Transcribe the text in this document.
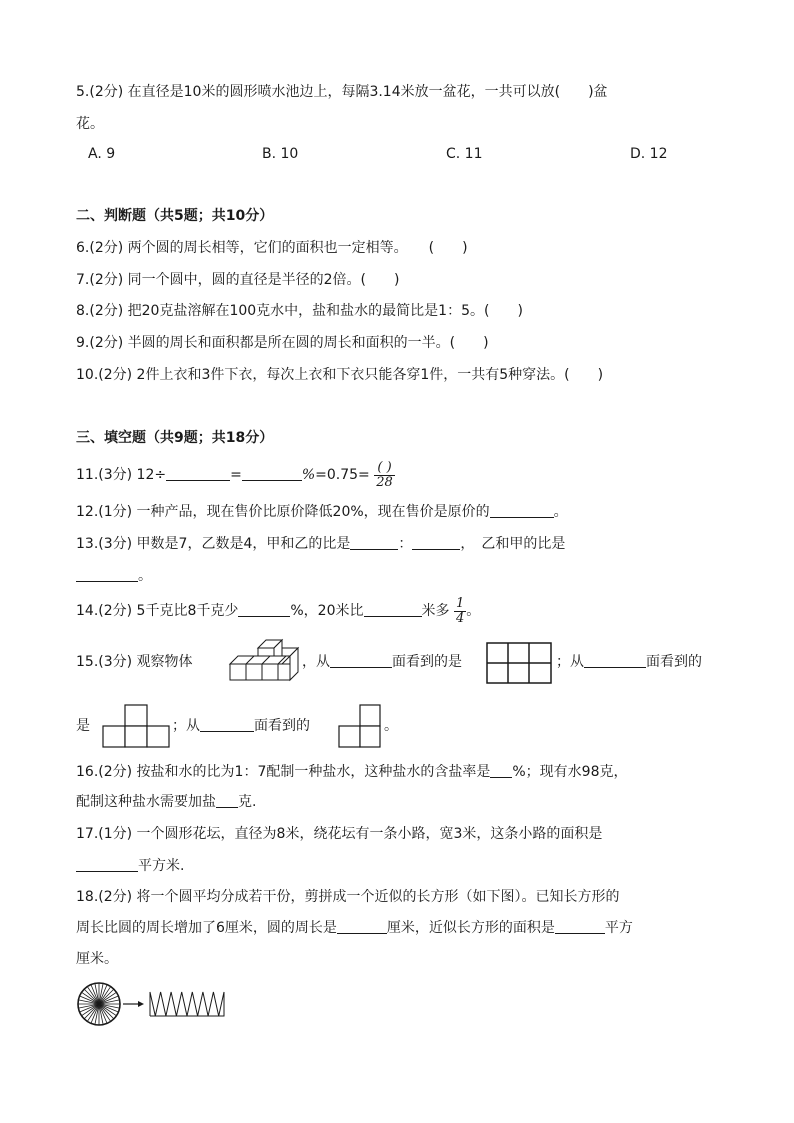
5.(2分) 在直径是10米的圆形喷水池边上，每隔3.14米放一盆花，一共可以放(　　)盆
花。
A. 9	B. 10	C. 11	D. 12
二、判断题（共5题；共10分）
6.(2分) 两个圆的周长相等，它们的面积也一定相等。　　(　　)
7.(2分) 同一个圆中，圆的直径是半径的2倍。(　　)
8.(2分) 把20克盐溶解在100克水中，盐和盐水的最简比是1：5。(　　)
9.(2分) 半圆的周长和面积都是所在圆的周长和面积的一半。(　　)
10.(2分) 2件上衣和3件下衣，每次上衣和下衣只能各穿1件，一共有5种穿法。(　　)
三、填空题（共9题；共18分）
11.(3分) 12÷	=	$\%=0.75= \frac{( )}{28}$
12.(1分) 一种产品，现在售价比原价降低20%，现在售价是原价的	。
13.(3分) 甲数是7，乙数是4，甲和乙的比是	：	，　乙和甲的比是
。
14.(2分) 5千克比8千克少	%，20米比	米多 $\frac{1}{4}$ 。
15.(3分) 观察物体	，从	面看到的是	；从	面看到的
是	；从	面看到的	。
16.(2分) 按盐和水的比为1：7配制一种盐水，这种盐水的含盐率是 %；现有水98克，
配制这种盐水需要加盐 克.
17.(1分) 一个圆形花坛，直径为8米，绕花坛有一条小路，宽3米，这条小路的面积是
平方米.
18.(2分) 将一个圆平均分成若干份，剪拼成一个近似的长方形（如下图）。已知长方形的
周长比圆的周长增加了6厘米，圆的周长是	厘米，近似长方形的面积是	平方
厘米。
